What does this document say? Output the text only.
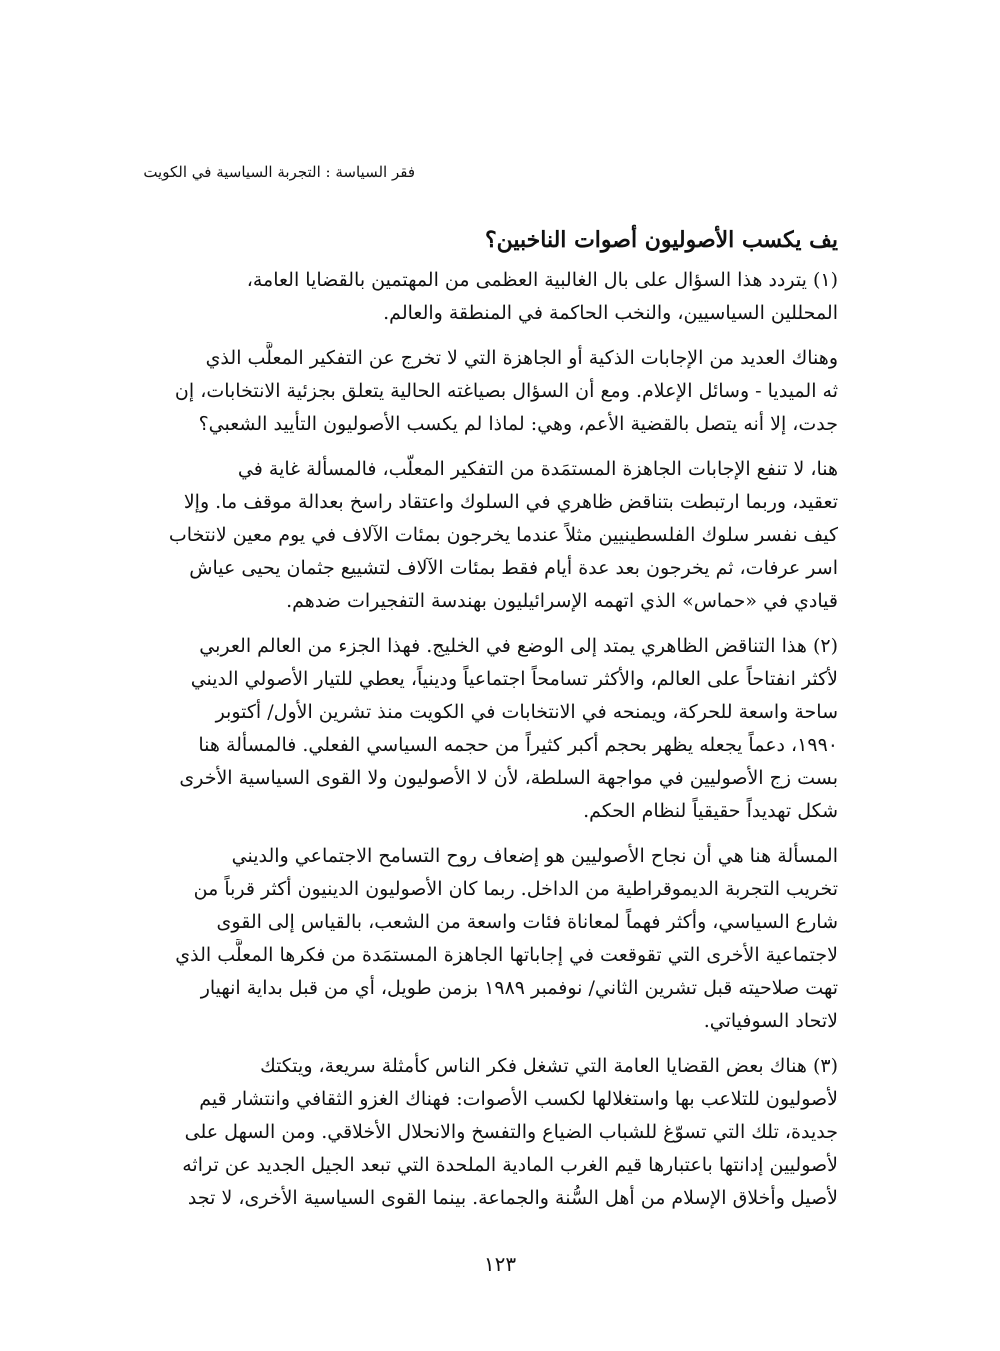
فقر السياسة : التجربة السياسية في الكويت
يف يكسب الأصوليون أصوات الناخبين؟
(١) يتردد هذا السؤال على بال الغالبية العظمى من المهتمين بالقضايا العامة،
المحللين السياسيين، والنخب الحاكمة في المنطقة والعالم.
وهناك العديد من الإجابات الذكية أو الجاهزة التي لا تخرج عن التفكير المعلَّب الذي
ثه الميديا - وسائل الإعلام. ومع أن السؤال بصياغته الحالية يتعلق بجزئية الانتخابات، إن
جدت، إلا أنه يتصل بالقضية الأعم، وهي: لماذا لم يكسب الأصوليون التأييد الشعبي؟
هنا، لا تنفع الإجابات الجاهزة المستمَدة من التفكير المعلّب، فالمسألة غاية في
تعقيد، وربما ارتبطت بتناقض ظاهري في السلوك واعتقاد راسخ بعدالة موقف ما. وإلا
كيف نفسر سلوك الفلسطينيين مثلاً عندما يخرجون بمئات الآلاف في يوم معين لانتخاب
اسر عرفات، ثم يخرجون بعد عدة أيام فقط بمئات الآلاف لتشييع جثمان يحيى عياش
قيادي في «حماس» الذي اتهمه الإسرائيليون بهندسة التفجيرات ضدهم.
(٢) هذا التناقض الظاهري يمتد إلى الوضع في الخليج. فهذا الجزء من العالم العربي
لأكثر انفتاحاً على العالم، والأكثر تسامحاً اجتماعياً ودينياً، يعطي للتيار الأصولي الديني
ساحة واسعة للحركة، ويمنحه في الانتخابات في الكويت منذ تشرين الأول/ أكتوبر
١٩٩٠، دعماً يجعله يظهر بحجم أكبر كثيراً من حجمه السياسي الفعلي. فالمسألة هنا
بست زج الأصوليين في مواجهة السلطة، لأن لا الأصوليون ولا القوى السياسية الأخرى
شكل تهديداً حقيقياً لنظام الحكم.
المسألة هنا هي أن نجاح الأصوليين هو إضعاف روح التسامح الاجتماعي والديني
تخريب التجربة الديموقراطية من الداخل. ربما كان الأصوليون الدينيون أكثر قرباً من
شارع السياسي، وأكثر فهماً لمعاناة فئات واسعة من الشعب، بالقياس إلى القوى
لاجتماعية الأخرى التي تقوقعت في إجاباتها الجاهزة المستمَدة من فكرها المعلَّب الذي
تهت صلاحيته قبل تشرين الثاني/ نوفمبر ١٩٨٩ بزمن طويل، أي من قبل بداية انهيار
لاتحاد السوفياتي.
(٣) هناك بعض القضايا العامة التي تشغل فكر الناس كأمثلة سريعة، ويتكتك
لأصوليون للتلاعب بها واستغلالها لكسب الأصوات: فهناك الغزو الثقافي وانتشار قيم
جديدة، تلك التي تسوّغ للشباب الضياع والتفسخ والانحلال الأخلاقي. ومن السهل على
لأصوليين إدانتها باعتبارها قيم الغرب المادية الملحدة التي تبعد الجيل الجديد عن تراثه
لأصيل وأخلاق الإسلام من أهل السُّنة والجماعة. بينما القوى السياسية الأخرى، لا تجد
١٢٣
